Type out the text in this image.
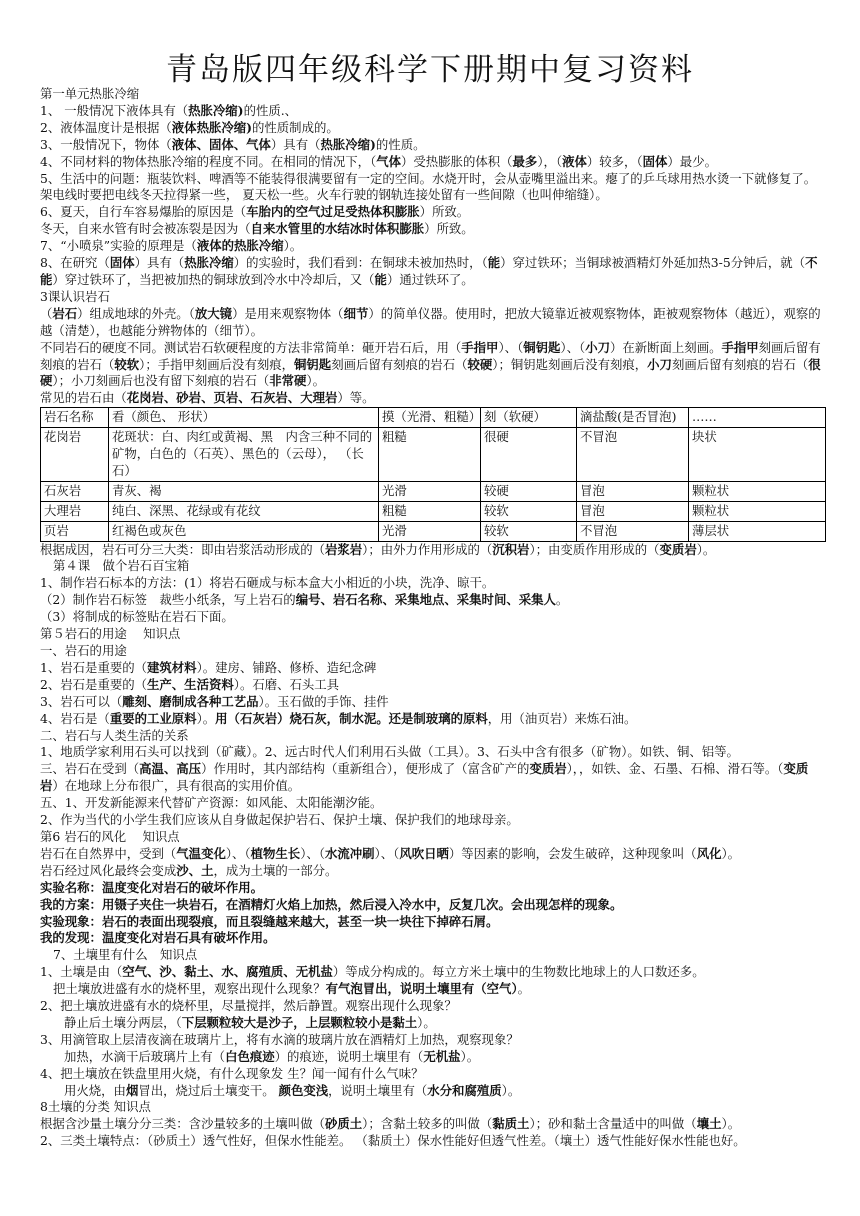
青岛版四年级科学下册期中复习资料

第一单元热胀冷缩

1、 一般情况下液体具有（热胀冷缩)的性质.、

2、液体温度计是根据（液体热胀冷缩)的性质制成的。

3、一般情况下，物体（液体、固体、气体）具有（热胀冷缩)的性质。

4、不同材料的物体热胀冷缩的程度不同。在相同的情况下，（气体）受热膨胀的体积（最多），（液体）较多，（固体）最少。

5、生活中的问题：瓶装饮料、啤酒等不能装得很满要留有一定的空间。水烧开时，会从壶嘴里溢出来。瘪了的乒乓球用热水烫一下就修复了。架电线时要把电线冬天拉得紧一些， 夏天松一些。火车行驶的钢轨连接处留有一些间隙（也叫伸缩缝）。

6、夏天，自行车容易爆胎的原因是（车胎内的空气过足受热体积膨胀）所致。

冬天，自来水管有时会被冻裂是因为（自来水管里的水结冰时体积膨胀）所致。

7、“小喷泉”实验的原理是（液体的热胀冷缩）。

8、在研究（固体）具有（热胀冷缩）的实验时，我们看到：在铜球未被加热时，（能）穿过铁环；当铜球被酒精灯外延加热3-5分钟后，就（不能）穿过铁环了，当把被加热的铜球放到冷水中冷却后，又（能）通过铁环了。

3课认识岩石

（岩石）组成地球的外壳。（放大镜）是用来观察物体（细节）的简单仪器。使用时，把放大镜靠近被观察物体，距被观察物体（越近），观察的越（清楚），也越能分辨物体的（细节）。

不同岩石的硬度不同。测试岩石软硬程度的方法非常简单：砸开岩石后，用（手指甲）、（铜钥匙）、（小刀）在新断面上刻画。手指甲刻画后留有刻痕的岩石（较软）；手指甲刻画后没有刻痕，铜钥匙刻画后留有刻痕的岩石（较硬）；铜钥匙刻画后没有刻痕，小刀刻画后留有刻痕的岩石（很硬）；小刀刻画后也没有留下刻痕的岩石（非常硬）。

常见的岩石由（花岗岩、砂岩、页岩、石灰岩、大理岩）等。

岩石名称	看（颜色、 形状）	摸（光滑、粗糙）	刻（软硬）	滴盐酸(是否冒泡)	……
花岗岩	花斑状：白、肉红或黄褐、黑　内含三种不同的矿物，白色的（石英）、黑色的（云母）， （长石）	粗糙	很硬	不冒泡	块状
石灰岩	青灰、褐	光滑	较硬	冒泡	颗粒状
大理岩	纯白、深黑、花绿或有花纹	粗糙	较软	冒泡	颗粒状
页岩	红褐色或灰色	光滑	较软	不冒泡	薄层状

根据成因，岩石可分三大类：即由岩浆活动形成的（岩浆岩）；由外力作用形成的（沉积岩）；由变质作用形成的（变质岩）。

第４课　做个岩石百宝箱

1、制作岩石标本的方法：(1）将岩石砸成与标本盒大小相近的小块，洗净、晾干。

（2）制作岩石标签　裁些小纸条，写上岩石的编号、岩石名称、采集地点、采集时间、采集人。

（3）将制成的标签贴在岩石下面。

第５岩石的用途　 知识点

一、岩石的用途

1、岩石是重要的（建筑材料）。建房、铺路、修桥、造纪念碑

2、岩石是重要的（生产、生活资料）。石磨、石头工具

3、岩石可以（雕刻、磨制成各种工艺品）。玉石做的手饰、挂件

4、岩石是（重要的工业原料）。用（石灰岩）烧石灰，制水泥。还是制玻璃的原料，用（油页岩）来炼石油。

二、岩石与人类生活的关系

1、地质学家利用石头可以找到（矿藏）。2、远古时代人们利用石头做（工具）。3、石头中含有很多（矿物）。如铁、铜、铝等。

三、岩石在受到（高温、高压）作用时，其内部结构（重新组合），便形成了（富含矿产的变质岩），，如铁、金、石墨、石棉、滑石等。（变质岩）在地球上分布很广，具有很高的实用价值。

五、1、开发新能源来代替矿产资源：如风能、太阳能潮汐能。

2、作为当代的小学生我们应该从自身做起保护岩石、保护土壤、保护我们的地球母亲。

第6 岩石的风化　 知识点

岩石在自然界中，受到（气温变化）、（植物生长）、（水流冲刷）、（风吹日晒）等因素的影响，会发生破碎，这种现象叫（风化）。

岩石经过风化最终会变成沙、土，成为土壤的一部分。

实验名称：温度变化对岩石的破坏作用。

我的方案：用镊子夹住一块岩石，在酒精灯火焰上加热，然后浸入冷水中，反复几次。会出现怎样的现象。

实验现象：岩石的表面出现裂痕，而且裂缝越来越大，甚至一块一块往下掉碎石屑。

我的发现：温度变化对岩石具有破坏作用。

7、土壤里有什么　知识点

1、土壤是由（空气、沙、黏土、水、腐殖质、无机盐）等成分构成的。每立方米土壤中的生物数比地球上的人口数还多。

把土壤放进盛有水的烧杯里，观察出现什么现象？有气泡冒出，说明土壤里有（空气）。

2、把土壤放进盛有水的烧杯里，尽量搅拌，然后静置。观察出现什么现象？

静止后土壤分两层，（下层颗粒较大是沙子，上层颗粒较小是黏土）。

3、用滴管取上层清夜滴在玻璃片上，将有水滴的玻璃片放在酒精灯上加热，观察现象？

加热，水滴干后玻璃片上有（白色痕迹）的痕迹，说明土壤里有（无机盐）。

4、把土壤放在铁盘里用火烧，有什么现象发 生？闻一闻有什么气味？

用火烧，由烟冒出，烧过后土壤变干。 颜色变浅，说明土壤里有（水分和腐殖质）。

8土壤的分类 知识点

根据含沙量土壤分分三类：含沙量较多的土壤叫做（砂质土）；含黏土较多的叫做（黏质土）；砂和黏土含量适中的叫做（壤土）。

2、三类土壤特点：（砂质土）透气性好，但保水性能差。 （黏质土）保水性能好但透气性差。（壤土）透气性能好保水性能也好。
